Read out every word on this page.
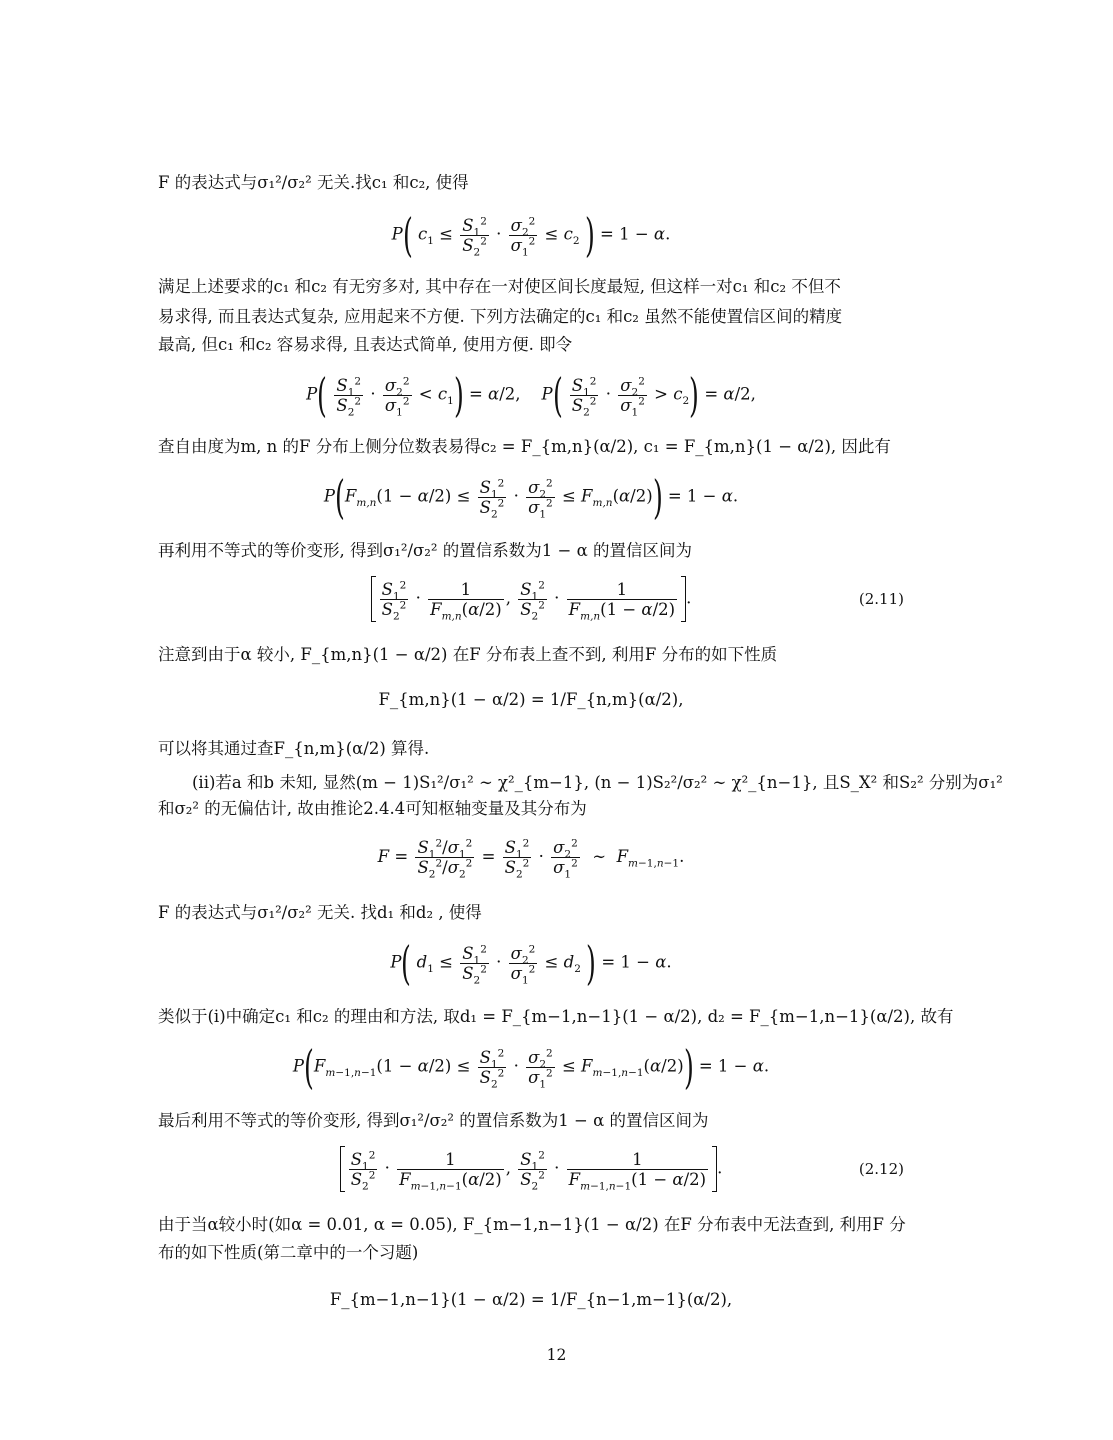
F 的表达式与σ₁²/σ₂² 无关.找c₁ 和c₂, 使得
P( $c_1 \le \frac{S_1^2}{S_2^2} \cdot \frac{\sigma_2^2}{\sigma_1^2} \le c_2$ ) = 1 − α.
满足上述要求的c₁ 和c₂ 有无穷多对, 其中存在一对使区间长度最短, 但这样一对c₁ 和c₂ 不但不
易求得, 而且表达式复杂, 应用起来不方便. 下列方法确定的c₁ 和c₂ 虽然不能使置信区间的精度
最高, 但c₁ 和c₂ 容易求得, 且表达式简单, 使用方便. 即令
$P( \frac{S_1^2}{S_2^2} \cdot \frac{\sigma_2^2}{\sigma_1^2} < c_1) = \alpha/2$,    $P( \frac{S_1^2}{S_2^2} \cdot \frac{\sigma_2^2}{\sigma_1^2} > c_2) = \alpha/2$,
查自由度为m, n 的F 分布上侧分位数表易得c₂ = F_{m,n}(α/2), c₁ = F_{m,n}(1 − α/2), 因此有
$P(F_{m,n}(1 - \alpha/2) \le \frac{S_1^2}{S_2^2} \cdot \frac{\sigma_2^2}{\sigma_1^2} \le F_{m,n}(\alpha/2)) = 1 - \alpha$.
再利用不等式的等价变形, 得到σ₁²/σ₂² 的置信系数为1 − α 的置信区间为
$\frac{S_1^2}{S_2^2} \cdot \frac{1}{F_{m,n}(\alpha/2)}$ , $\frac{S_1^2}{S_2^2} \cdot \frac{1}{F_{m,n}(1 - \alpha/2)}$ .	(2.11)
注意到由于α 较小, F_{m,n}(1 − α/2) 在F 分布表上查不到, 利用F 分布的如下性质
F_{m,n}(1 − α/2) = 1/F_{n,m}(α/2),
可以将其通过查F_{n,m}(α/2) 算得.
(ii)若a 和b 未知, 显然(m − 1)S₁²/σ₁² ∼ χ²_{m−1}, (n − 1)S₂²/σ₂² ∼ χ²_{n−1}, 且S_X² 和S₂² 分别为σ₁²
和σ₂² 的无偏估计, 故由推论2.4.4可知枢轴变量及其分布为
$F = \frac{S_1^2/\sigma_1^2}{S_2^2/\sigma_2^2} = \frac{S_1^2}{S_2^2} \cdot \frac{\sigma_2^2}{\sigma_1^2}$ ∼  $F_{m-1,n-1}$.
F 的表达式与σ₁²/σ₂² 无关. 找d₁ 和d₂ , 使得
P( $d_1 \le \frac{S_1^2}{S_2^2} \cdot \frac{\sigma_2^2}{\sigma_1^2} \le d_2$ ) = 1 − α.
类似于(i)中确定c₁ 和c₂ 的理由和方法, 取d₁ = F_{m−1,n−1}(1 − α/2), d₂ = F_{m−1,n−1}(α/2), 故有
$P(F_{m-1,n-1}(1 - \alpha/2) \le \frac{S_1^2}{S_2^2} \cdot \frac{\sigma_2^2}{\sigma_1^2} \le F_{m-1,n-1}(\alpha/2)) = 1 - \alpha$.
最后利用不等式的等价变形, 得到σ₁²/σ₂² 的置信系数为1 − α 的置信区间为
$\frac{S_1^2}{S_2^2} \cdot \frac{1}{F_{m-1,n-1}(\alpha/2)}$ , $\frac{S_1^2}{S_2^2} \cdot \frac{1}{F_{m-1,n-1}(1 - \alpha/2)}$ .	(2.12)
由于当α较小时(如α = 0.01, α = 0.05), F_{m−1,n−1}(1 − α/2) 在F 分布表中无法查到, 利用F 分
布的如下性质(第二章中的一个习题)
F_{m−1,n−1}(1 − α/2) = 1/F_{n−1,m−1}(α/2),
12
